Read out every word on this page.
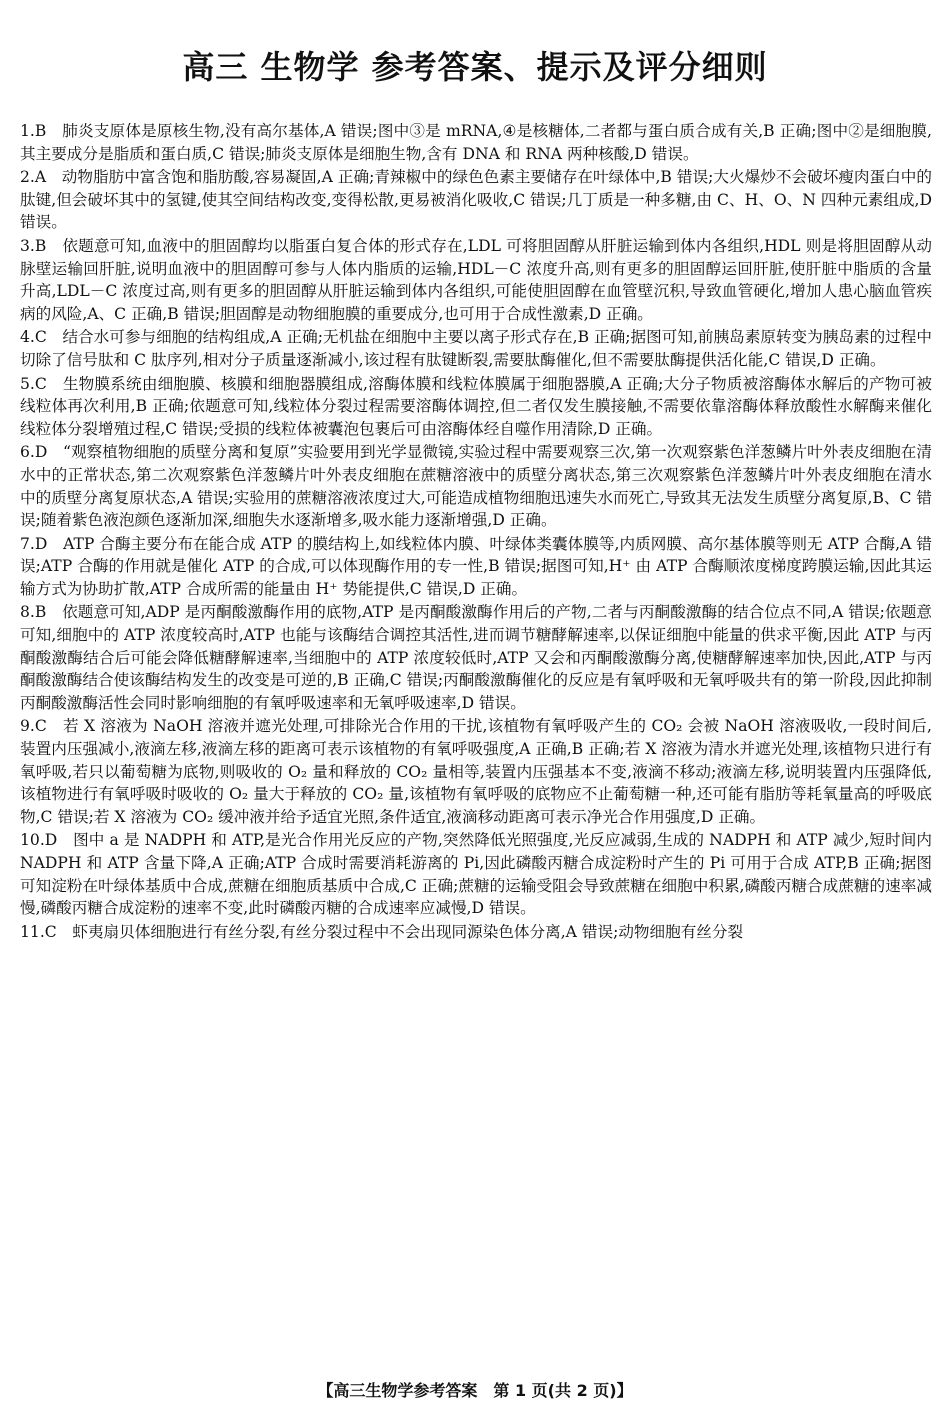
高三 生物学 参考答案、提示及评分细则

1.B　 肺炎支原体是原核生物,没有高尔基体,A 错误;图中③是 mRNA,④是核糖体,二者都与蛋白质合成有关,B 正确;图中②是细胞膜,其主要成分是脂质和蛋白质,C 错误;肺炎支原体是细胞生物,含有 DNA 和 RNA 两种核酸,D 错误。

2.A　 动物脂肪中富含饱和脂肪酸,容易凝固,A 正确;青辣椒中的绿色色素主要储存在叶绿体中,B 错误;大火爆炒不会破坏瘦肉蛋白中的肽键,但会破坏其中的氢键,使其空间结构改变,变得松散,更易被消化吸收,C 错误;几丁质是一种多糖,由 C、H、O、N 四种元素组成,D 错误。

3.B　 依题意可知,血液中的胆固醇均以脂蛋白复合体的形式存在,LDL 可将胆固醇从肝脏运输到体内各组织,HDL 则是将胆固醇从动脉壁运输回肝脏,说明血液中的胆固醇可参与人体内脂质的运输,HDL－C 浓度升高,则有更多的胆固醇运回肝脏,使肝脏中脂质的含量升高,LDL－C 浓度过高,则有更多的胆固醇从肝脏运输到体内各组织,可能使胆固醇在血管壁沉积,导致血管硬化,增加人患心脑血管疾病的风险,A、C 正确,B 错误;胆固醇是动物细胞膜的重要成分,也可用于合成性激素,D 正确。

4.C　 结合水可参与细胞的结构组成,A 正确;无机盐在细胞中主要以离子形式存在,B 正确;据图可知,前胰岛素原转变为胰岛素的过程中切除了信号肽和 C 肽序列,相对分子质量逐渐减小,该过程有肽键断裂,需要肽酶催化,但不需要肽酶提供活化能,C 错误,D 正确。

5.C　 生物膜系统由细胞膜、核膜和细胞器膜组成,溶酶体膜和线粒体膜属于细胞器膜,A 正确;大分子物质被溶酶体水解后的产物可被线粒体再次利用,B 正确;依题意可知,线粒体分裂过程需要溶酶体调控,但二者仅发生膜接触,不需要依靠溶酶体释放酸性水解酶来催化线粒体分裂增殖过程,C 错误;受损的线粒体被囊泡包裹后可由溶酶体经自噬作用清除,D 正确。

6.D　 “观察植物细胞的质壁分离和复原”实验要用到光学显微镜,实验过程中需要观察三次,第一次观察紫色洋葱鳞片叶外表皮细胞在清水中的正常状态,第二次观察紫色洋葱鳞片叶外表皮细胞在蔗糖溶液中的质壁分离状态,第三次观察紫色洋葱鳞片叶外表皮细胞在清水中的质壁分离复原状态,A 错误;实验用的蔗糖溶液浓度过大,可能造成植物细胞迅速失水而死亡,导致其无法发生质壁分离复原,B、C 错误;随着紫色液泡颜色逐渐加深,细胞失水逐渐增多,吸水能力逐渐增强,D 正确。

7.D　 ATP 合酶主要分布在能合成 ATP 的膜结构上,如线粒体内膜、叶绿体类囊体膜等,内质网膜、高尔基体膜等则无 ATP 合酶,A 错误;ATP 合酶的作用就是催化 ATP 的合成,可以体现酶作用的专一性,B 错误;据图可知,H⁺ 由 ATP 合酶顺浓度梯度跨膜运输,因此其运输方式为协助扩散,ATP 合成所需的能量由 H⁺ 势能提供,C 错误,D 正确。

8.B　 依题意可知,ADP 是丙酮酸激酶作用的底物,ATP 是丙酮酸激酶作用后的产物,二者与丙酮酸激酶的结合位点不同,A 错误;依题意可知,细胞中的 ATP 浓度较高时,ATP 也能与该酶结合调控其活性,进而调节糖酵解速率,以保证细胞中能量的供求平衡,因此 ATP 与丙酮酸激酶结合后可能会降低糖酵解速率,当细胞中的 ATP 浓度较低时,ATP 又会和丙酮酸激酶分离,使糖酵解速率加快,因此,ATP 与丙酮酸激酶结合使该酶结构发生的改变是可逆的,B 正确,C 错误;丙酮酸激酶催化的反应是有氧呼吸和无氧呼吸共有的第一阶段,因此抑制丙酮酸激酶活性会同时影响细胞的有氧呼吸速率和无氧呼吸速率,D 错误。

9.C　 若 X 溶液为 NaOH 溶液并遮光处理,可排除光合作用的干扰,该植物有氧呼吸产生的 CO₂ 会被 NaOH 溶液吸收,一段时间后,装置内压强减小,液滴左移,液滴左移的距离可表示该植物的有氧呼吸强度,A 正确,B 正确;若 X 溶液为清水并遮光处理,该植物只进行有氧呼吸,若只以葡萄糖为底物,则吸收的 O₂ 量和释放的 CO₂ 量相等,装置内压强基本不变,液滴不移动;液滴左移,说明装置内压强降低,该植物进行有氧呼吸时吸收的 O₂ 量大于释放的 CO₂ 量,该植物有氧呼吸的底物应不止葡萄糖一种,还可能有脂肪等耗氧量高的呼吸底物,C 错误;若 X 溶液为 CO₂ 缓冲液并给予适宜光照,条件适宜,液滴移动距离可表示净光合作用强度,D 正确。

10.D　 图中 a 是 NADPH 和 ATP,是光合作用光反应的产物,突然降低光照强度,光反应减弱,生成的 NADPH 和 ATP 减少,短时间内 NADPH 和 ATP 含量下降,A 正确;ATP 合成时需要消耗游离的 Pi,因此磷酸丙糖合成淀粉时产生的 Pi 可用于合成 ATP,B 正确;据图可知淀粉在叶绿体基质中合成,蔗糖在细胞质基质中合成,C 正确;蔗糖的运输受阻会导致蔗糖在细胞中积累,磷酸丙糖合成蔗糖的速率减慢,磷酸丙糖合成淀粉的速率不变,此时磷酸丙糖的合成速率应减慢,D 错误。

11.C　 虾夷扇贝体细胞进行有丝分裂,有丝分裂过程中不会出现同源染色体分离,A 错误;动物细胞有丝分裂

【高三生物学参考答案　第 1 页(共 2 页)】
